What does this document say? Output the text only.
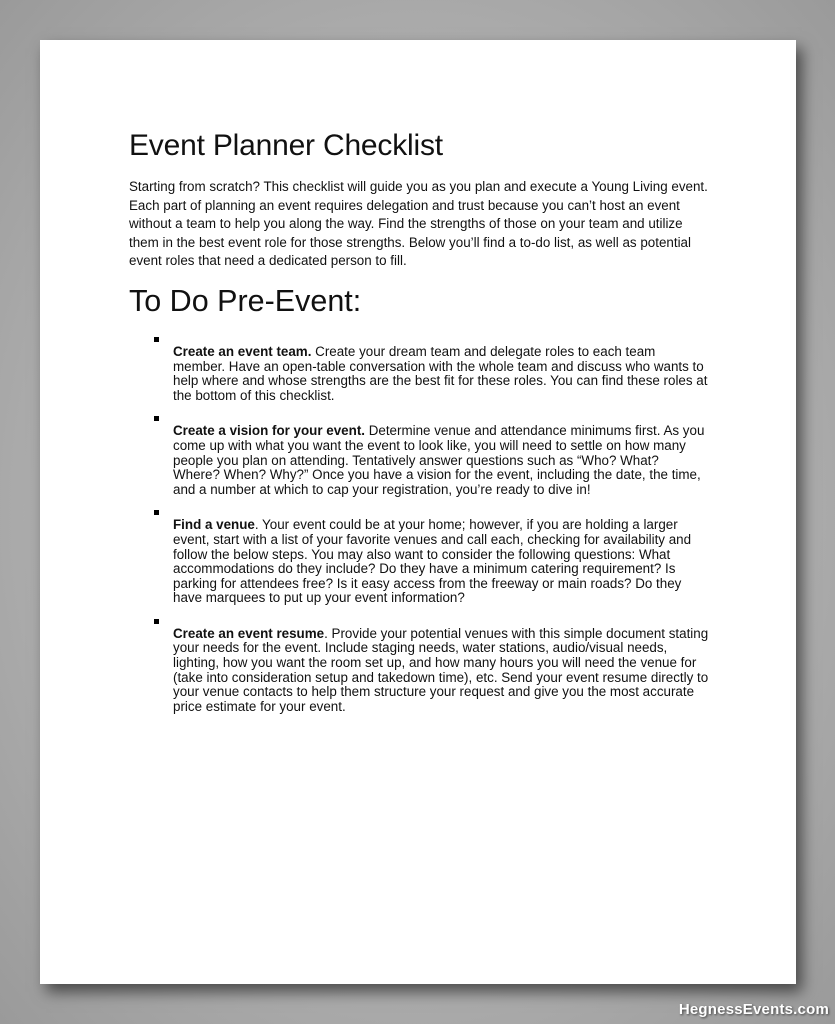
Event Planner Checklist

Starting from scratch? This checklist will guide you as you plan and execute a Young Living event. Each part of planning an event requires delegation and trust because you can’t host an event without a team to help you along the way. Find the strengths of those on your team and utilize them in the best event role for those strengths. Below you’ll find a to-do list, as well as potential event roles that need a dedicated person to fill.

To Do Pre-Event:
Create an event team. Create your dream team and delegate roles to each team member. Have an open-table conversation with the whole team and discuss who wants to help where and whose strengths are the best fit for these roles. You can find these roles at the bottom of this checklist.
Create a vision for your event. Determine venue and attendance minimums first. As you come up with what you want the event to look like, you will need to settle on how many people you plan on attending. Tentatively answer questions such as “Who? What? Where? When? Why?” Once you have a vision for the event, including the date, the time, and a number at which to cap your registration, you’re ready to dive in!
Find a venue. Your event could be at your home; however, if you are holding a larger event, start with a list of your favorite venues and call each, checking for availability and follow the below steps. You may also want to consider the following questions: What accommodations do they include? Do they have a minimum catering requirement? Is parking for attendees free? Is it easy access from the freeway or main roads? Do they have marquees to put up your event information?
Create an event resume. Provide your potential venues with this simple document stating your needs for the event. Include staging needs, water stations, audio/visual needs, lighting, how you want the room set up, and how many hours you will need the venue for (take into consideration setup and takedown time), etc. Send your event resume directly to your venue contacts to help them structure your request and give you the most accurate price estimate for your event.
HegnessEvents.com
